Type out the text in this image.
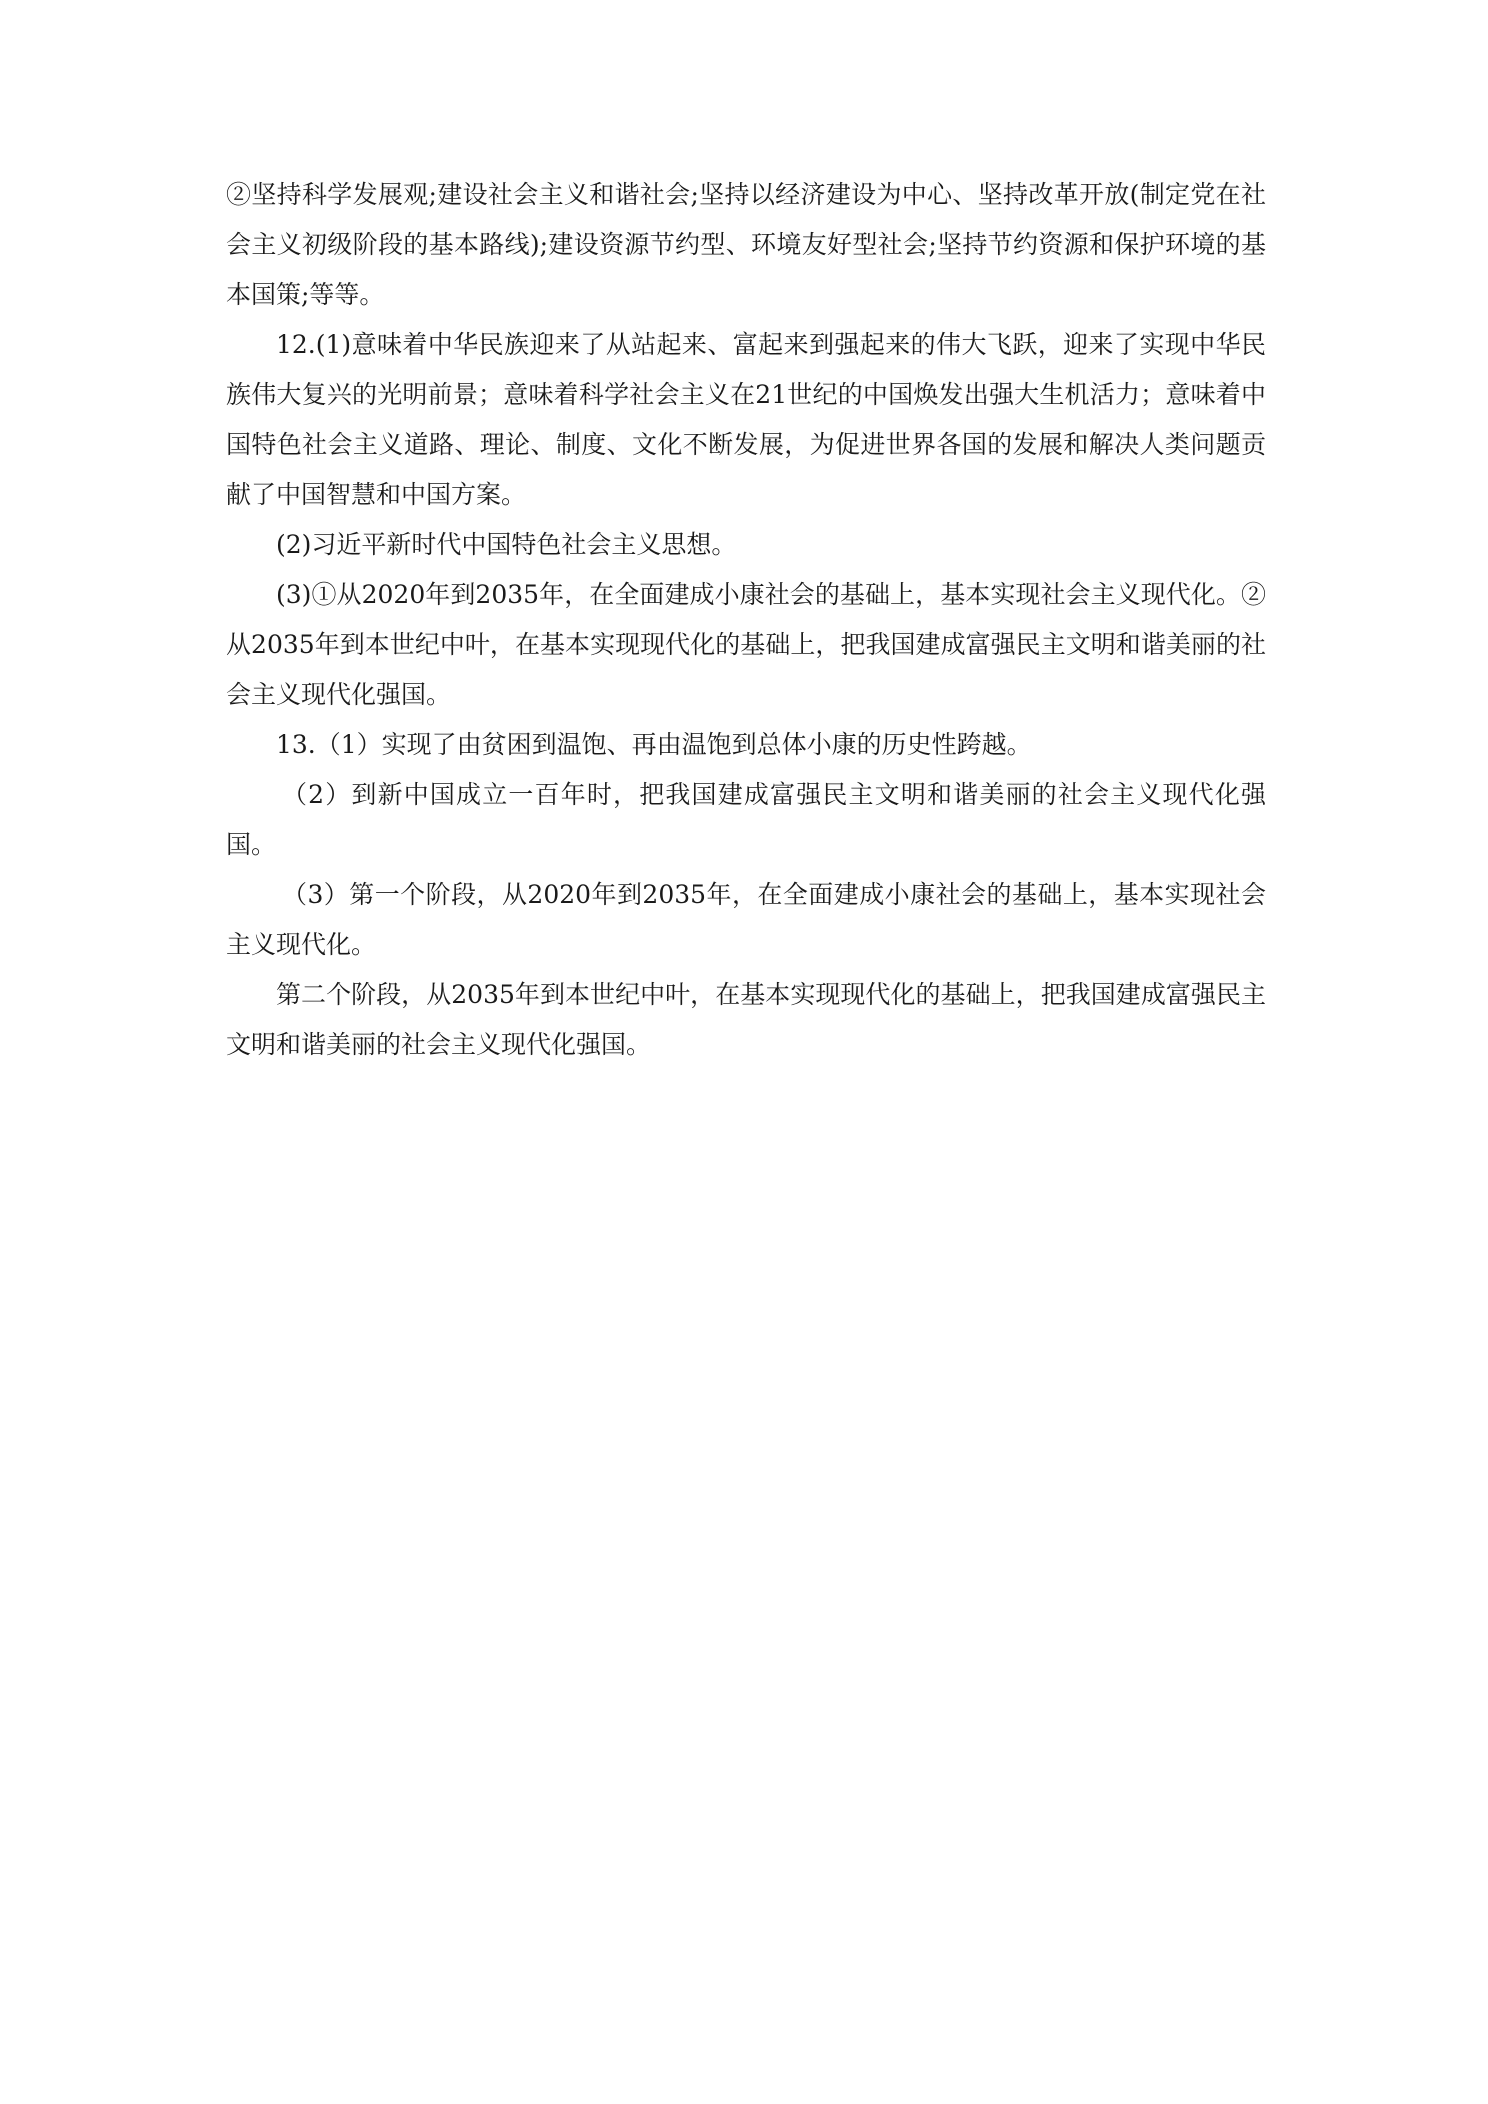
②坚持科学发展观;建设社会主义和谐社会;坚持以经济建设为中心、坚持改革开放(制定党在社会主义初级阶段的基本路线);建设资源节约型、环境友好型社会;坚持节约资源和保护环境的基本国策;等等。

12.(1)意味着中华民族迎来了从站起来、富起来到强起来的伟大飞跃，迎来了实现中华民族伟大复兴的光明前景；意味着科学社会主义在21世纪的中国焕发出强大生机活力；意味着中国特色社会主义道路、理论、制度、文化不断发展，为促进世界各国的发展和解决人类问题贡献了中国智慧和中国方案。

(2)习近平新时代中国特色社会主义思想。

(3)①从2020年到2035年，在全面建成小康社会的基础上，基本实现社会主义现代化。②从2035年到本世纪中叶，在基本实现现代化的基础上，把我国建成富强民主文明和谐美丽的社会主义现代化强国。

13.（1）实现了由贫困到温饱、再由温饱到总体小康的历史性跨越。

（2）到新中国成立一百年时，把我国建成富强民主文明和谐美丽的社会主义现代化强国。

（3）第一个阶段，从2020年到2035年，在全面建成小康社会的基础上，基本实现社会主义现代化。

第二个阶段，从2035年到本世纪中叶，在基本实现现代化的基础上，把我国建成富强民主文明和谐美丽的社会主义现代化强国。
